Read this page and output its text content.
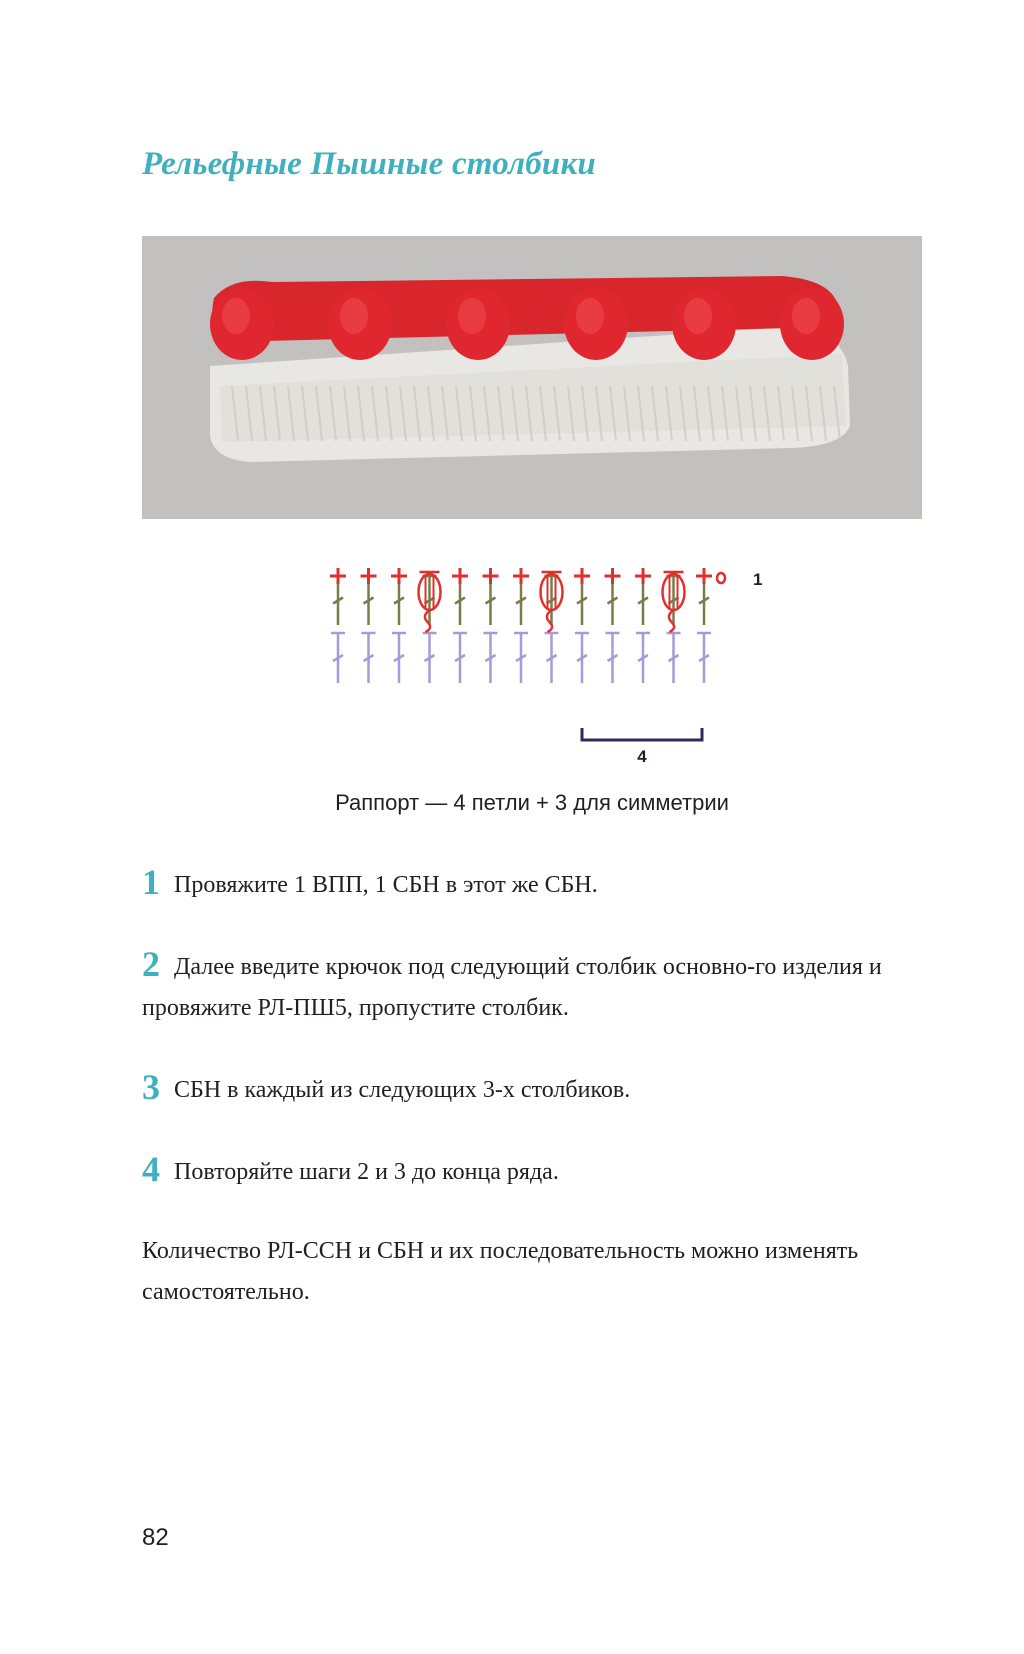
Рельефные Пышные столбики
1
4
Раппорт — 4 петли + 3 для симметрии
1 Провяжите 1 ВПП, 1 СБН в этот же СБН.
2 Далее введите крючок под следующий столбик основно-го изделия и провяжите РЛ-ПШ5, пропустите столбик.
3 СБН в каждый из следующих 3-х столбиков.
4 Повторяйте шаги 2 и 3 до конца ряда.
Количество РЛ-ССН и СБН и их последовательность можно изменять самостоятельно.
82
